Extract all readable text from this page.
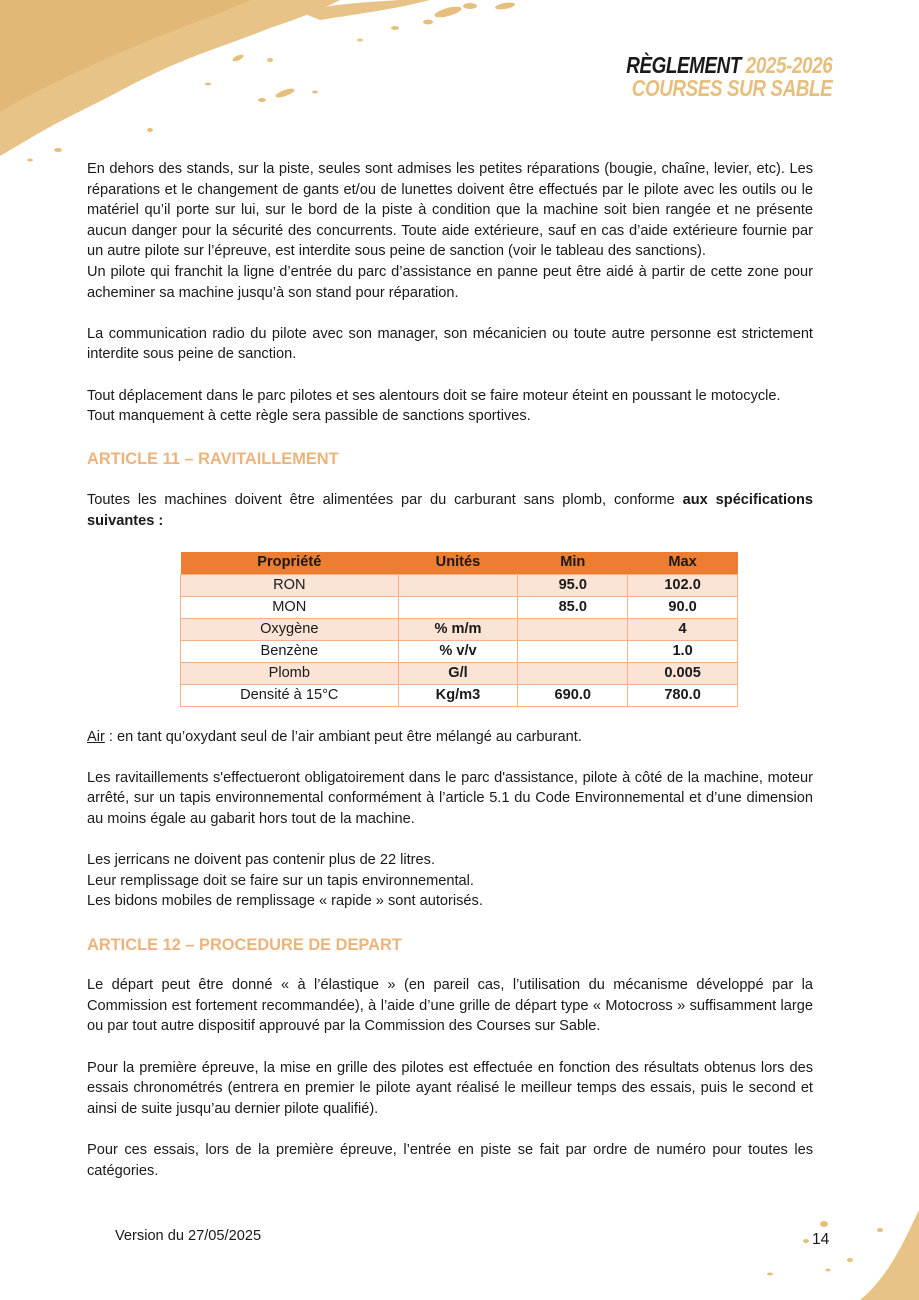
RÈGLEMENT 2025-2026
COURSES SUR SABLE

En dehors des stands, sur la piste, seules sont admises les petites réparations (bougie, chaîne, levier, etc). Les réparations et le changement de gants et/ou de lunettes doivent être effectués par le pilote avec les outils ou le matériel qu’il porte sur lui, sur le bord de la piste à condition que la machine soit bien rangée et ne présente aucun danger pour la sécurité des concurrents. Toute aide extérieure, sauf en cas d’aide extérieure fournie par un autre pilote sur l’épreuve, est interdite sous peine de sanction (voir le tableau des sanctions).

Un pilote qui franchit la ligne d’entrée du parc d’assistance en panne peut être aidé à partir de cette zone pour acheminer sa machine jusqu’à son stand pour réparation.

La communication radio du pilote avec son manager, son mécanicien ou toute autre personne est strictement interdite sous peine de sanction.

Tout déplacement dans le parc pilotes et ses alentours doit se faire moteur éteint en poussant le motocycle.
Tout manquement à cette règle sera passible de sanctions sportives.

ARTICLE 11 – RAVITAILLEMENT

Toutes les machines doivent être alimentées par du carburant sans plomb, conforme aux spécifications suivantes :

Propriété	Unités	Min	Max
RON		95.0	102.0
MON		85.0	90.0
Oxygène	% m/m		4
Benzène	% v/v		1.0
Plomb	G/l		0.005
Densité à 15°C	Kg/m3	690.0	780.0

Air : en tant qu’oxydant seul de l’air ambiant peut être mélangé au carburant.

Les ravitaillements s'effectueront obligatoirement dans le parc d'assistance, pilote à côté de la machine, moteur arrêté, sur un tapis environnemental conformément à l’article 5.1 du Code Environnemental et d’une dimension au moins égale au gabarit hors tout de la machine.

Les jerricans ne doivent pas contenir plus de 22 litres.
Leur remplissage doit se faire sur un tapis environnemental.
Les bidons mobiles de remplissage « rapide » sont autorisés.

ARTICLE 12 – PROCEDURE DE DEPART

Le départ peut être donné « à l’élastique » (en pareil cas, l’utilisation du mécanisme développé par la Commission est fortement recommandée), à l’aide d’une grille de départ type « Motocross » suffisamment large ou par tout autre dispositif approuvé par la Commission des Courses sur Sable.

Pour la première épreuve, la mise en grille des pilotes est effectuée en fonction des résultats obtenus lors des essais chronométrés (entrera en premier le pilote ayant réalisé le meilleur temps des essais, puis le second et ainsi de suite jusqu’au dernier pilote qualifié).

Pour ces essais, lors de la première épreuve, l’entrée en piste se fait par ordre de numéro pour toutes les catégories.

Version du 27/05/2025	14
